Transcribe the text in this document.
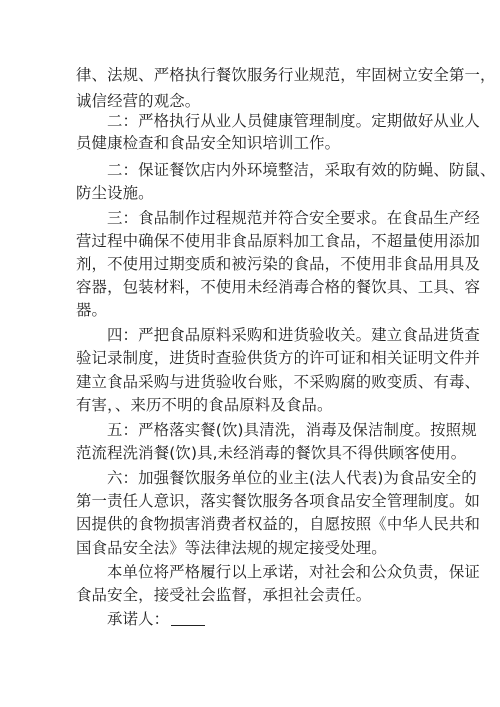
律、法规、严格执行餐饮服务行业规范，牢固树立安全第一，
诚信经营的观念。
二：严格执行从业人员健康管理制度。定期做好从业人
员健康检查和食品安全知识培训工作。
二：保证餐饮店内外环境整洁，采取有效的防蝇、防鼠、
防尘设施。
三：食品制作过程规范并符合安全要求。在食品生产经
营过程中确保不使用非食品原料加工食品，不超量使用添加
剂，不使用过期变质和被污染的食品，不使用非食品用具及
容器，包装材料，不使用未经消毒合格的餐饮具、工具、容
器。
四：严把食品原料采购和进货验收关。建立食品进货查
验记录制度，进货时查验供货方的许可证和相关证明文件并
建立食品采购与进货验收台账，不采购腐的败变质、有毒、
有害，、来历不明的食品原料及食品。
五：严格落实餐(饮)具清洗，消毒及保洁制度。按照规
范流程洗消餐(饮)具,未经消毒的餐饮具不得供顾客使用。
六：加强餐饮服务单位的业主(法人代表)为食品安全的
第一责任人意识，落实餐饮服务各项食品安全管理制度。如
因提供的食物损害消费者权益的，自愿按照《中华人民共和
国食品安全法》等法律法规的规定接受处理。
本单位将严格履行以上承诺，对社会和公众负责，保证
食品安全，接受社会监督，承担社会责任。
承诺人：
